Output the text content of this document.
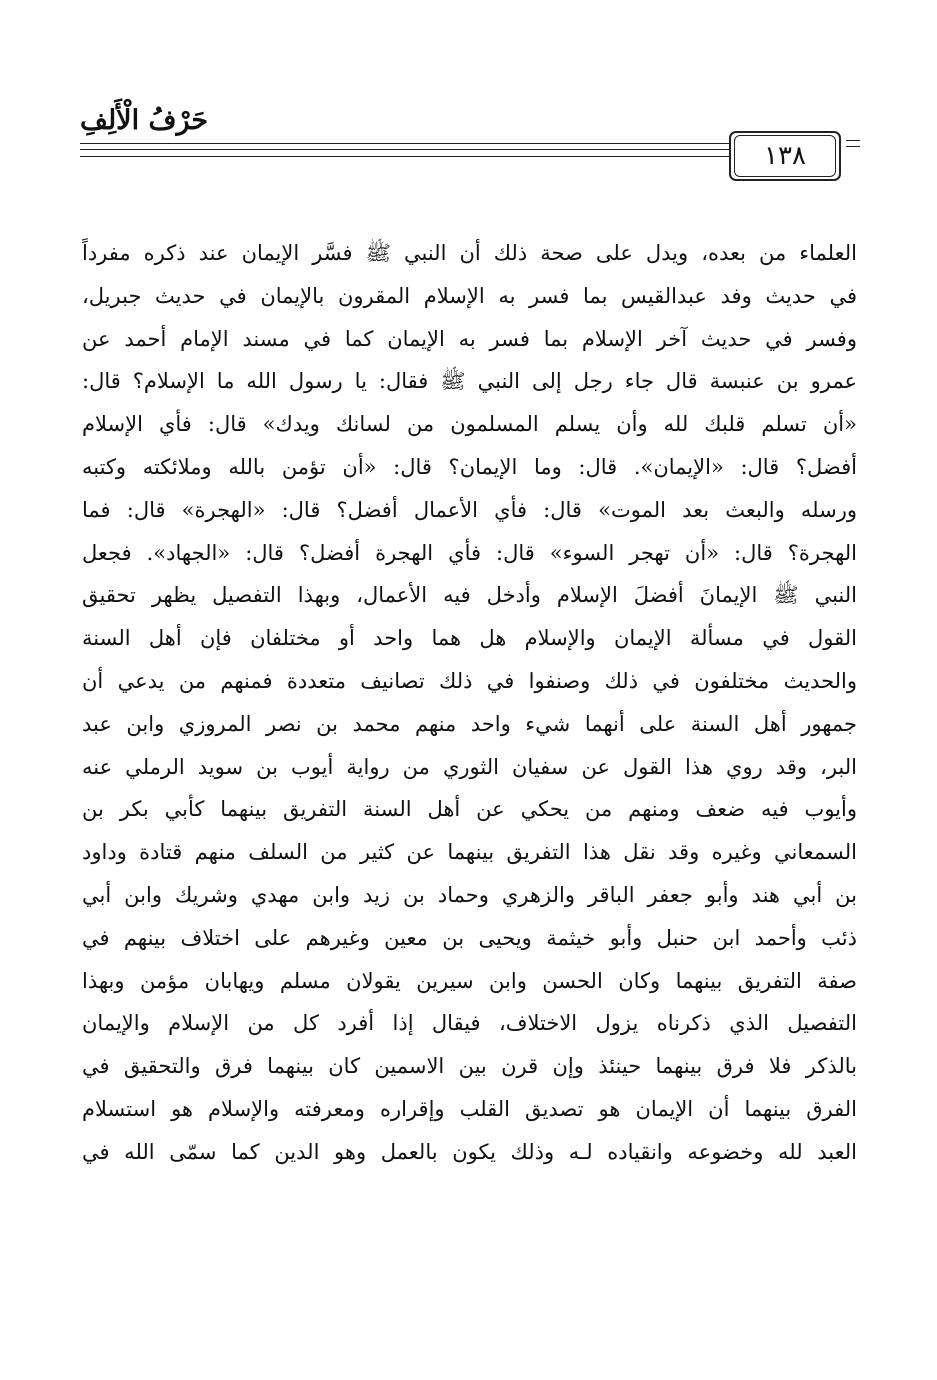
حَرْفُ الْأَلِفِ
١٣٨
العلماء من بعده، ويدل على صحة ذلك أن النبي ﷺ فسَّر الإيمان عند ذكره مفرداً
في حديث وفد عبدالقيس بما فسر به الإسلام المقرون بالإيمان في حديث جبريل،
وفسر في حديث آخر الإسلام بما فسر به الإيمان كما في مسند الإمام أحمد عن
عمرو بن عنبسة قال جاء رجل إلى النبي ﷺ فقال: يا رسول الله ما الإسلام؟ قال:
«أن تسلم قلبك لله وأن يسلم المسلمون من لسانك ويدك» قال: فأي الإسلام
أفضل؟ قال: «الإيمان». قال: وما الإيمان؟ قال: «أن تؤمن بالله وملائكته وكتبه
ورسله والبعث بعد الموت» قال: فأي الأعمال أفضل؟ قال: «الهجرة» قال: فما
الهجرة؟ قال: «أن تهجر السوء» قال: فأي الهجرة أفضل؟ قال: «الجهاد». فجعل
النبي ﷺ الإيمانَ أفضلَ الإسلام وأدخل فيه الأعمال، وبهذا التفصيل يظهر تحقيق
القول في مسألة الإيمان والإسلام هل هما واحد أو مختلفان فإن أهل السنة
والحديث مختلفون في ذلك وصنفوا في ذلك تصانيف متعددة فمنهم من يدعي أن
جمهور أهل السنة على أنهما شيء واحد منهم محمد بن نصر المروزي وابن عبد
البر، وقد روي هذا القول عن سفيان الثوري من رواية أيوب بن سويد الرملي عنه
وأيوب فيه ضعف ومنهم من يحكي عن أهل السنة التفريق بينهما كأبي بكر بن
السمعاني وغيره وقد نقل هذا التفريق بينهما عن كثير من السلف منهم قتادة وداود
بن أبي هند وأبو جعفر الباقر والزهري وحماد بن زيد وابن مهدي وشريك وابن أبي
ذئب وأحمد ابن حنبل وأبو خيثمة ويحيى بن معين وغيرهم على اختلاف بينهم في
صفة التفريق بينهما وكان الحسن وابن سيرين يقولان مسلم ويهابان مؤمن وبهذا
التفصيل الذي ذكرناه يزول الاختلاف، فيقال إذا أفرد كل من الإسلام والإيمان
بالذكر فلا فرق بينهما حينئذ وإن قرن بين الاسمين كان بينهما فرق والتحقيق في
الفرق بينهما أن الإيمان هو تصديق القلب وإقراره ومعرفته والإسلام هو استسلام
العبد لله وخضوعه وانقياده لـه وذلك يكون بالعمل وهو الدين كما سمّى الله في
